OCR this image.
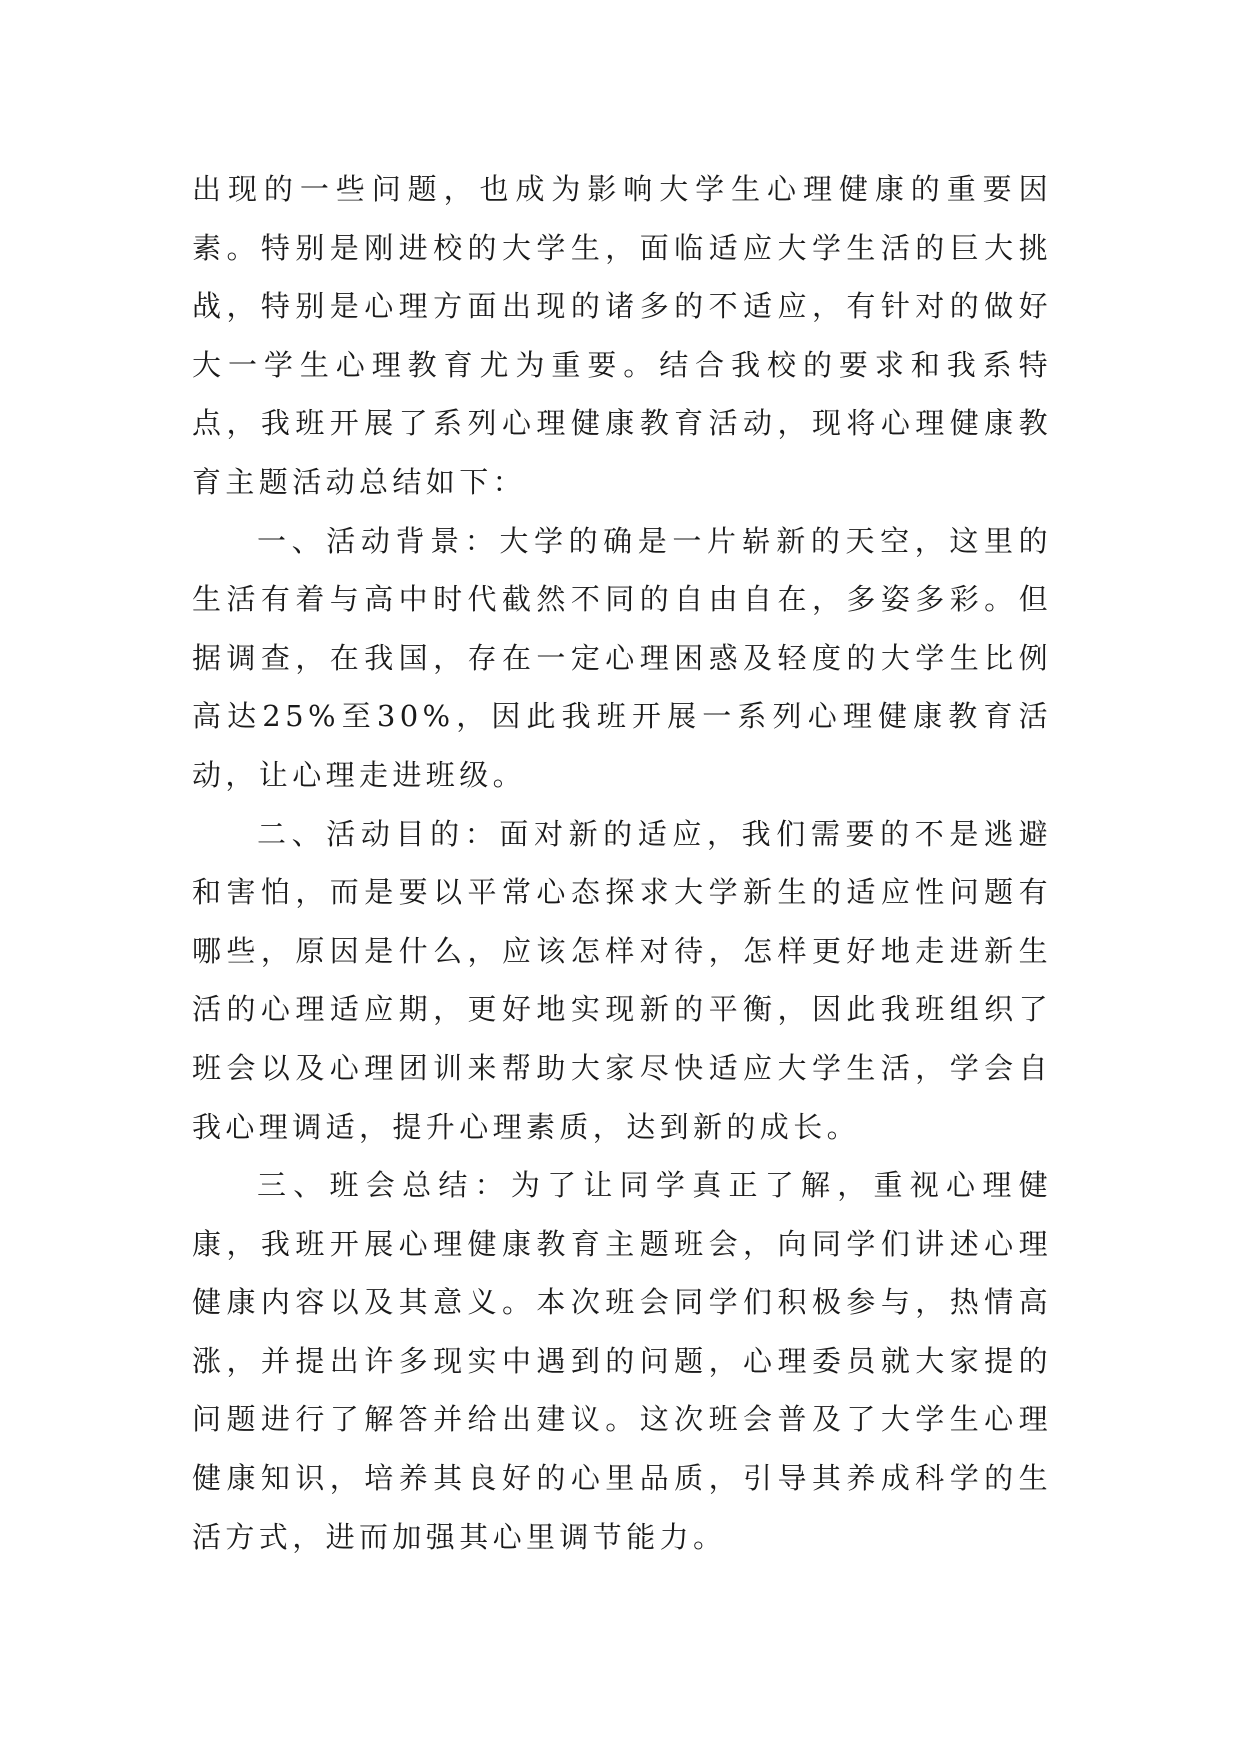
出现的一些问题，也成为影响大学生心理健康的重要因素。特别是刚进校的大学生，面临适应大学生活的巨大挑战，特别是心理方面出现的诸多的不适应，有针对的做好大一学生心理教育尤为重要。结合我校的要求和我系特点，我班开展了系列心理健康教育活动，现将心理健康教育主题活动总结如下：

一、活动背景：大学的确是一片崭新的天空，这里的生活有着与高中时代截然不同的自由自在，多姿多彩。但据调查，在我国，存在一定心理困惑及轻度的大学生比例高达25%至30%，因此我班开展一系列心理健康教育活动，让心理走进班级。

二、活动目的：面对新的适应，我们需要的不是逃避和害怕，而是要以平常心态探求大学新生的适应性问题有哪些，原因是什么，应该怎样对待，怎样更好地走进新生活的心理适应期，更好地实现新的平衡，因此我班组织了班会以及心理团训来帮助大家尽快适应大学生活，学会自我心理调适，提升心理素质，达到新的成长。

三、班会总结：为了让同学真正了解，重视心理健康，我班开展心理健康教育主题班会，向同学们讲述心理健康内容以及其意义。本次班会同学们积极参与，热情高涨，并提出许多现实中遇到的问题，心理委员就大家提的问题进行了解答并给出建议。这次班会普及了大学生心理健康知识，培养其良好的心里品质，引导其养成科学的生活方式，进而加强其心里调节能力。
